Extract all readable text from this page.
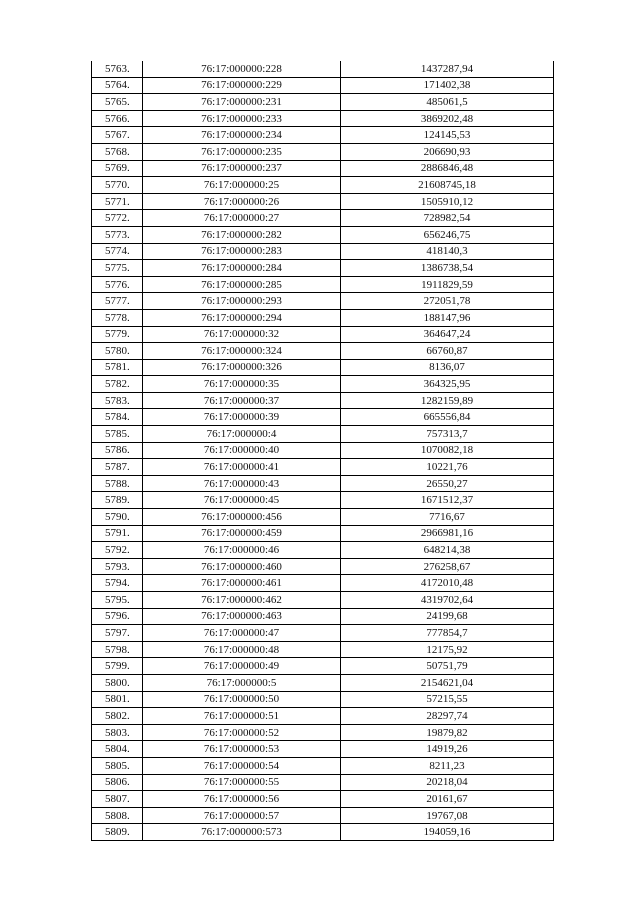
5763.	76:17:000000:228	1437287,94
5764.	76:17:000000:229	171402,38
5765.	76:17:000000:231	485061,5
5766.	76:17:000000:233	3869202,48
5767.	76:17:000000:234	124145,53
5768.	76:17:000000:235	206690,93
5769.	76:17:000000:237	2886846,48
5770.	76:17:000000:25	21608745,18
5771.	76:17:000000:26	1505910,12
5772.	76:17:000000:27	728982,54
5773.	76:17:000000:282	656246,75
5774.	76:17:000000:283	418140,3
5775.	76:17:000000:284	1386738,54
5776.	76:17:000000:285	1911829,59
5777.	76:17:000000:293	272051,78
5778.	76:17:000000:294	188147,96
5779.	76:17:000000:32	364647,24
5780.	76:17:000000:324	66760,87
5781.	76:17:000000:326	8136,07
5782.	76:17:000000:35	364325,95
5783.	76:17:000000:37	1282159,89
5784.	76:17:000000:39	665556,84
5785.	76:17:000000:4	757313,7
5786.	76:17:000000:40	1070082,18
5787.	76:17:000000:41	10221,76
5788.	76:17:000000:43	26550,27
5789.	76:17:000000:45	1671512,37
5790.	76:17:000000:456	7716,67
5791.	76:17:000000:459	2966981,16
5792.	76:17:000000:46	648214,38
5793.	76:17:000000:460	276258,67
5794.	76:17:000000:461	4172010,48
5795.	76:17:000000:462	4319702,64
5796.	76:17:000000:463	24199,68
5797.	76:17:000000:47	777854,7
5798.	76:17:000000:48	12175,92
5799.	76:17:000000:49	50751,79
5800.	76:17:000000:5	2154621,04
5801.	76:17:000000:50	57215,55
5802.	76:17:000000:51	28297,74
5803.	76:17:000000:52	19879,82
5804.	76:17:000000:53	14919,26
5805.	76:17:000000:54	8211,23
5806.	76:17:000000:55	20218,04
5807.	76:17:000000:56	20161,67
5808.	76:17:000000:57	19767,08
5809.	76:17:000000:573	194059,16
